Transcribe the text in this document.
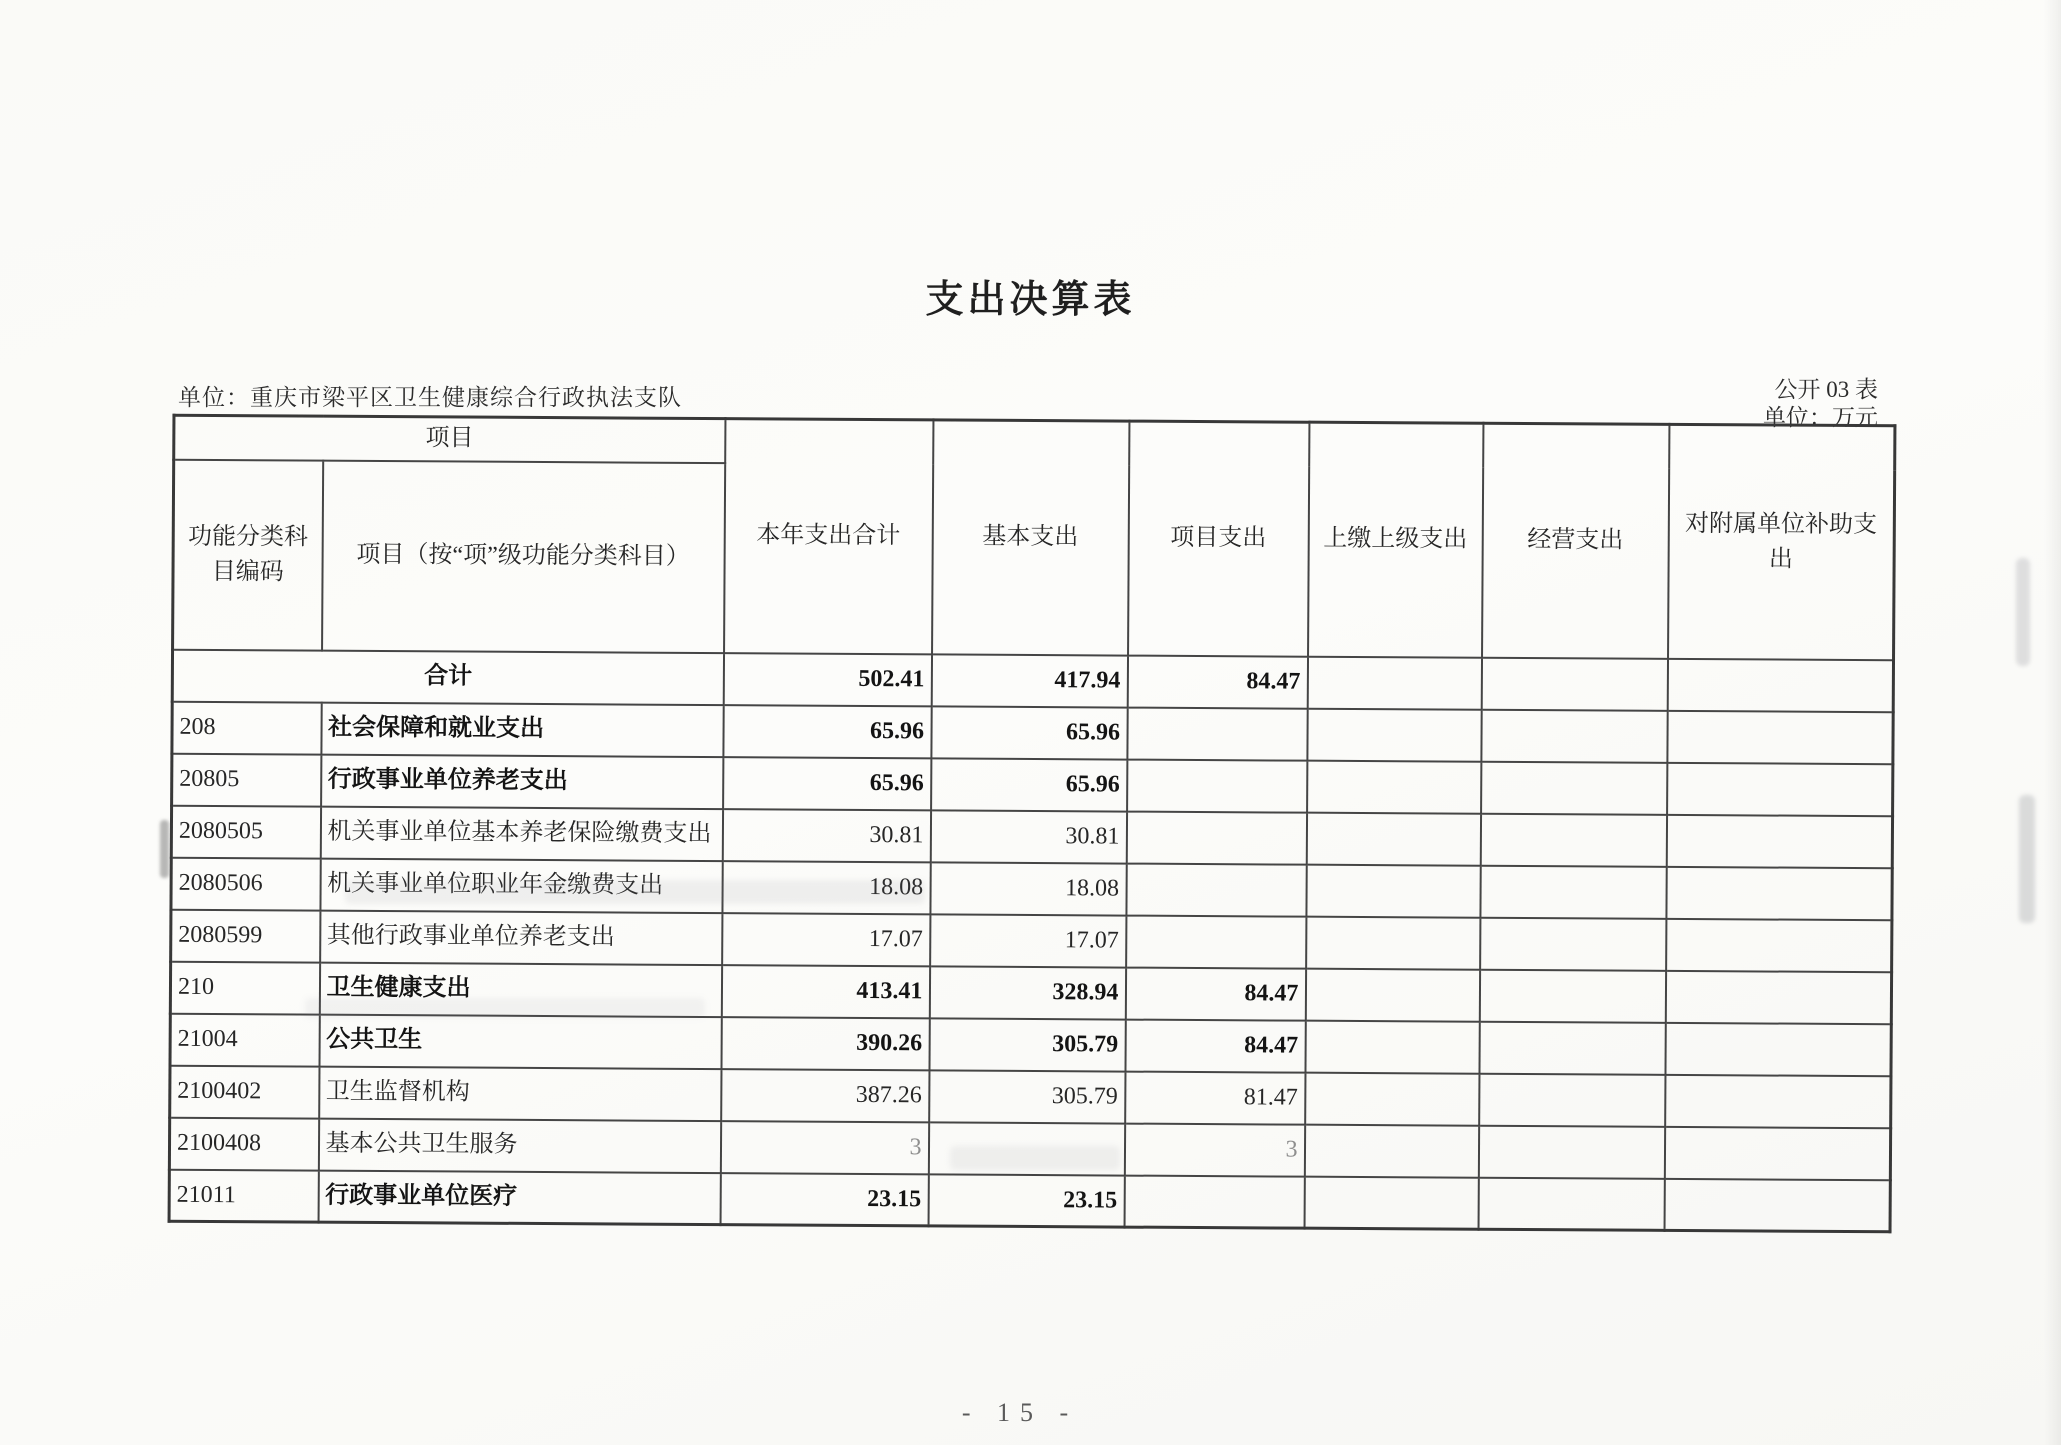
支出决算表
公开 03 表
单位：重庆市梁平区卫生健康综合行政执法支队
单位：万元
项目		本年支出合计	基本支出	项目支出	上缴上级支出	经营支出	对附属单位补助支出
功能分类科目编码	项目（按“项”级功能分类科目）						
合计		502.41	417.94	84.47			
208	社会保障和就业支出	65.96	65.96				
20805	行政事业单位养老支出	65.96	65.96				
2080505	机关事业单位基本养老保险缴费支出	30.81	30.81				
2080506	机关事业单位职业年金缴费支出	18.08	18.08				
2080599	其他行政事业单位养老支出	17.07	17.07				
210	卫生健康支出	413.41	328.94	84.47			
21004	公共卫生	390.26	305.79	84.47			
2100402	卫生监督机构	387.26	305.79	81.47			
2100408	基本公共卫生服务	3		3			
21011	行政事业单位医疗	23.15	23.15				
- 15 -
